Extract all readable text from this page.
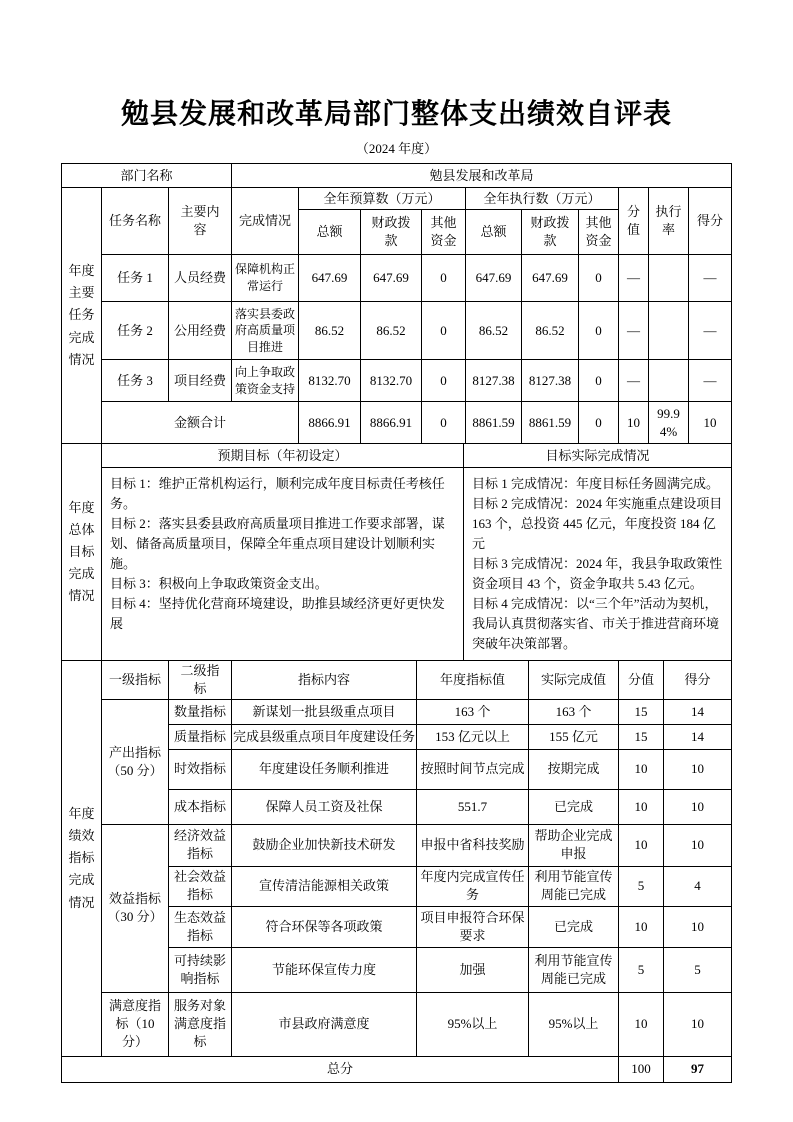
勉县发展和改革局部门整体支出绩效自评表
（2024 年度）
部门名称			勉县发展和改革局									

年度主要任务完成情况	任务名称	主要内容	完成情况	全年预算数（万元）			全年执行数（万元）			分值	执行率	得分
				总额	财政拨款	其他资金	总额	财政拨款	其他资金			
	任务 1	人员经费	保障机构正常运行	647.69	647.69	0	647.69	647.69	0	—		—
	任务 2	公用经费	落实县委政府高质量项目推进	86.52	86.52	0	86.52	86.52	0	—		—
	任务 3	项目经费	向上争取政策资金支持	8132.70	8132.70	0	8127.38	8127.38	0	—		—
	金额合计			8866.91	8866.91	0	8861.59	8861.59	0	10	99.94%	10
年度总体目标完成情况	预期目标（年初设定）	目标实际完成情况

目标 1：维护正常机构运行，顺利完成年度目标责任考核任务。
目标 2：落实县委县政府高质量项目推进工作要求部署，谋划、储备高质量项目，保障全年重点项目建设计划顺利实施。
目标 3：积极向上争取政策资金支出。
目标 4：坚持优化营商环境建设，助推县域经济更好更快发展

目标 1 完成情况：年度目标任务圆满完成。
目标 2 完成情况：2024 年实施重点建设项目 163 个，总投资 445 亿元，年度投资 184 亿元
目标 3 完成情况：2024 年，我县争取政策性资金项目 43 个，资金争取共 5.43 亿元。
目标 4 完成情况：以“三个年”活动为契机，我局认真贯彻落实省、市关于推进营商环境突破年决策部署。
年度绩效指标完成情况	一级指标	二级指标	指标内容	年度指标值	实际完成值	分值	得分
	产出指标（50 分）	数量指标	新谋划一批县级重点项目	163 个	163 个	15	14
		质量指标	完成县级重点项目年度建设任务	153 亿元以上	155 亿元	15	14
		时效指标	年度建设任务顺利推进	按照时间节点完成	按期完成	10	10
		成本指标	保障人员工资及社保	551.7	已完成	10	10
	效益指标（30 分）	经济效益指标	鼓励企业加快新技术研发	申报中省科技奖励	帮助企业完成申报	10	10
		社会效益指标	宣传清洁能源相关政策	年度内完成宣传任务	利用节能宣传周能已完成	5	4
		生态效益指标	符合环保等各项政策	项目申报符合环保要求	已完成	10	10
		可持续影响指标	节能环保宣传力度	加强	利用节能宣传周能已完成	5	5
	满意度指标（10 分）	服务对象满意度指标	市县政府满意度	95%以上	95%以上	10	10
总分						100	97
